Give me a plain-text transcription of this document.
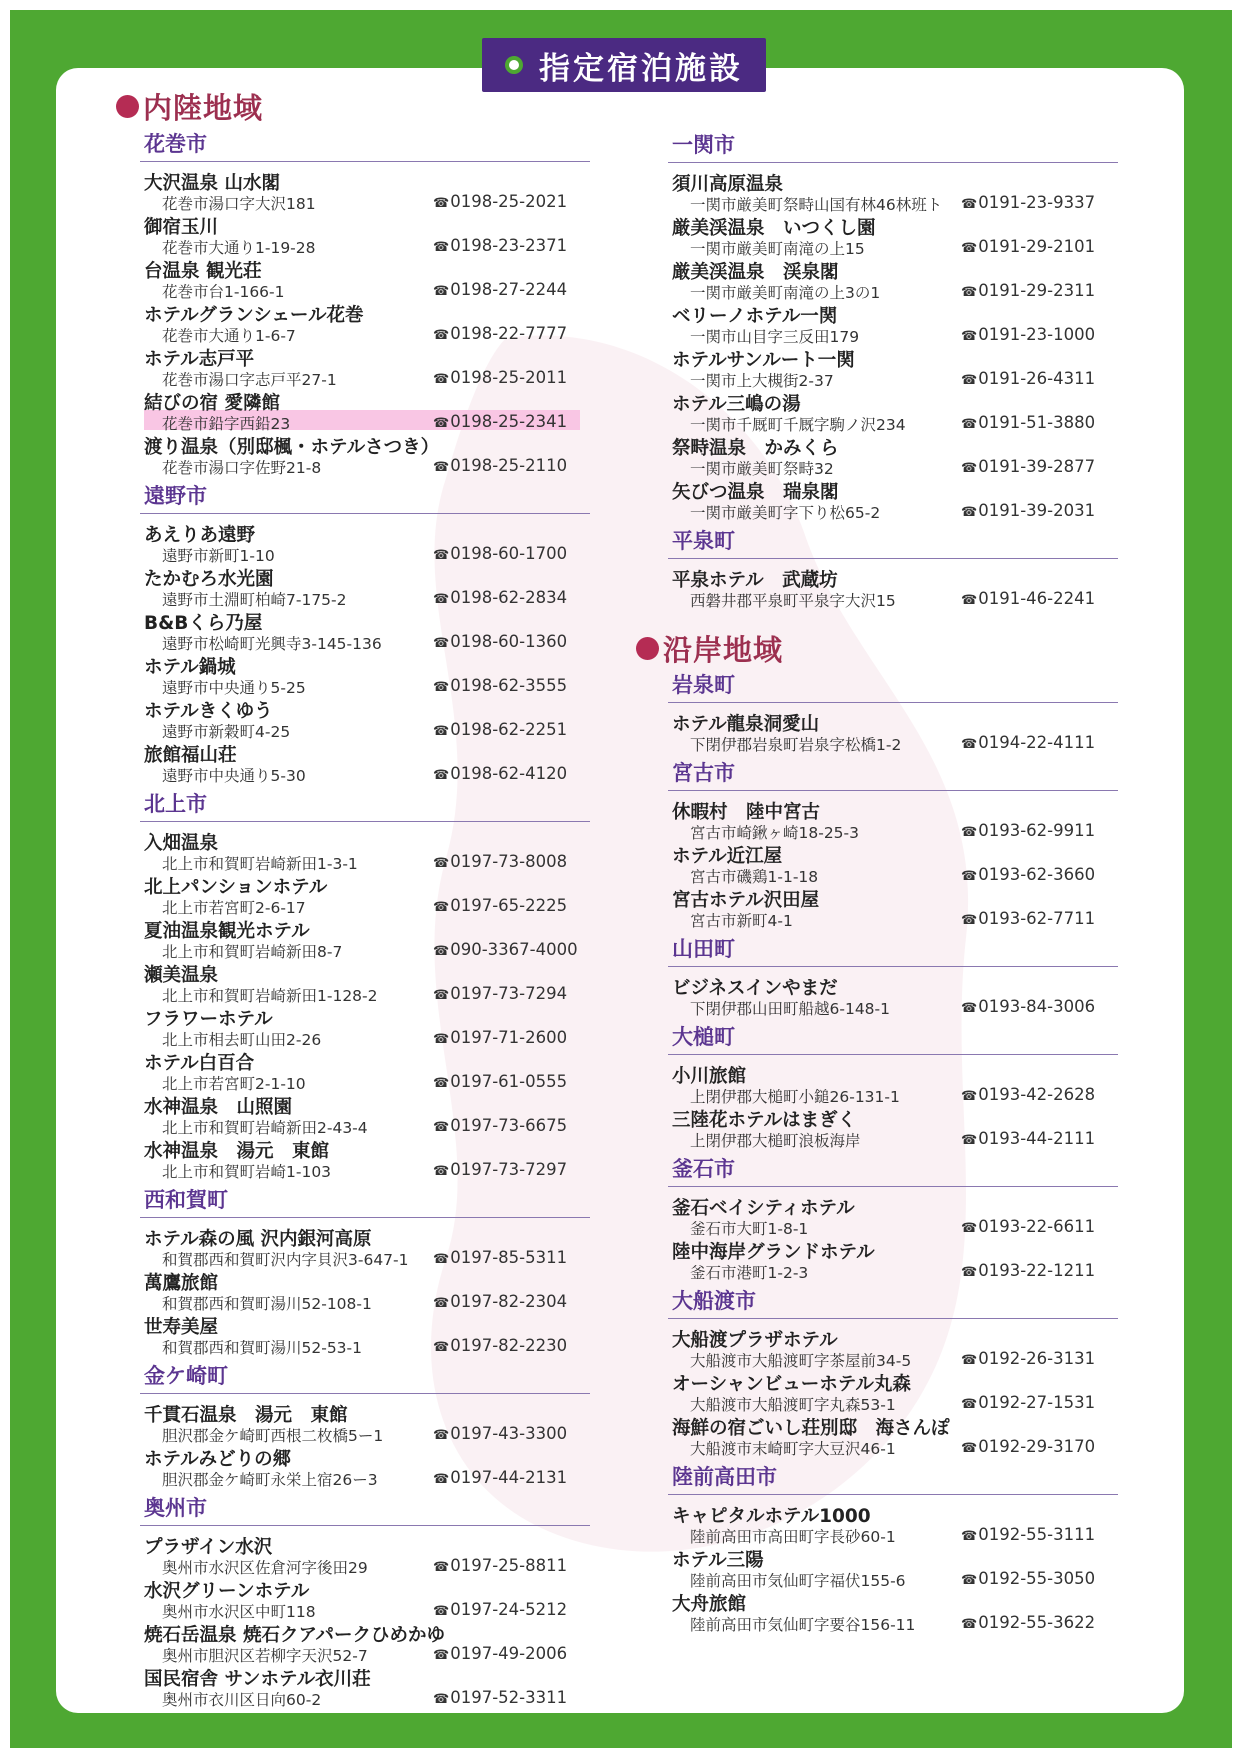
指定宿泊施設
内陸地域
沿岸地域
花巻市
大沢温泉 山水閣
花巻市湯口字大沢181	☎0198-25-2021
御宿玉川
花巻市大通り1-19-28	☎0198-23-2371
台温泉 観光荘
花巻市台1-166-1	☎0198-27-2244
ホテルグランシェール花巻
花巻市大通り1-6-7	☎0198-22-7777
ホテル志戸平
花巻市湯口字志戸平27-1	☎0198-25-2011
結びの宿 愛隣館
花巻市鉛字西鉛23	☎0198-25-2341
渡り温泉（別邸楓・ホテルさつき）
花巻市湯口字佐野21-8	☎0198-25-2110
遠野市
あえりあ遠野
遠野市新町1-10	☎0198-60-1700
たかむろ水光園
遠野市土淵町柏崎7-175-2	☎0198-62-2834
B&Bくら乃屋
遠野市松崎町光興寺3-145-136	☎0198-60-1360
ホテル鍋城
遠野市中央通り5-25	☎0198-62-3555
ホテルきくゆう
遠野市新穀町4-25	☎0198-62-2251
旅館福山荘
遠野市中央通り5-30	☎0198-62-4120
北上市
入畑温泉
北上市和賀町岩崎新田1-3-1	☎0197-73-8008
北上パンションホテル
北上市若宮町2-6-17	☎0197-65-2225
夏油温泉観光ホテル
北上市和賀町岩崎新田8-7	☎090-3367-4000
瀬美温泉
北上市和賀町岩崎新田1-128-2	☎0197-73-7294
フラワーホテル
北上市相去町山田2-26	☎0197-71-2600
ホテル白百合
北上市若宮町2-1-10	☎0197-61-0555
水神温泉　山照園
北上市和賀町岩崎新田2-43-4	☎0197-73-6675
水神温泉　湯元　東館
北上市和賀町岩崎1-103	☎0197-73-7297
西和賀町
ホテル森の風 沢内銀河高原
和賀郡西和賀町沢内字貝沢3-647-1 ☎0197-85-5311
萬鷹旅館
和賀郡西和賀町湯川52-108-1	☎0197-82-2304
世寿美屋
和賀郡西和賀町湯川52-53-1	☎0197-82-2230
金ケ崎町
千貫石温泉　湯元　東館
胆沢郡金ケ崎町西根二枚橋5ー1	☎0197-43-3300
ホテルみどりの郷
胆沢郡金ケ崎町永栄上宿26ー3	☎0197-44-2131
奥州市
プラザイン水沢
奥州市水沢区佐倉河字後田29	☎0197-25-8811
水沢グリーンホテル
奥州市水沢区中町118	☎0197-24-5212
焼石岳温泉 焼石クアパークひめかゆ
奥州市胆沢区若柳字天沢52-7	☎0197-49-2006
国民宿舎 サンホテル衣川荘
奥州市衣川区日向60-2	☎0197-52-3311
一関市
須川高原温泉
一関市厳美町祭畤山国有林46林班ト ☎0191-23-9337
厳美渓温泉　いつくし園
一関市厳美町南滝の上15	☎0191-29-2101
厳美渓温泉　渓泉閣
一関市厳美町南滝の上3の1	☎0191-29-2311
ベリーノホテル一関
一関市山目字三反田179	☎0191-23-1000
ホテルサンルート一関
一関市上大槻街2-37	☎0191-26-4311
ホテル三嶋の湯
一関市千厩町千厩字駒ノ沢234	☎0191-51-3880
祭畤温泉　かみくら
一関市厳美町祭畤32	☎0191-39-2877
矢びつ温泉　瑞泉閣
一関市厳美町字下り松65-2	☎0191-39-2031
平泉町
平泉ホテル　武蔵坊
西磐井郡平泉町平泉字大沢15	☎0191-46-2241
岩泉町
ホテル龍泉洞愛山
下閉伊郡岩泉町岩泉字松橋1-2	☎0194-22-4111
宮古市
休暇村　陸中宮古
宮古市崎鍬ヶ崎18-25-3	☎0193-62-9911
ホテル近江屋
宮古市磯鶏1-1-18	☎0193-62-3660
宮古ホテル沢田屋
宮古市新町4-1	☎0193-62-7711
山田町
ビジネスインやまだ
下閉伊郡山田町船越6-148-1	☎0193-84-3006
大槌町
小川旅館
上閉伊郡大槌町小鎚26-131-1	☎0193-42-2628
三陸花ホテルはまぎく
上閉伊郡大槌町浪板海岸	☎0193-44-2111
釜石市
釜石ベイシティホテル
釜石市大町1-8-1	☎0193-22-6611
陸中海岸グランドホテル
釜石市港町1-2-3	☎0193-22-1211
大船渡市
大船渡プラザホテル
大船渡市大船渡町字茶屋前34-5	☎0192-26-3131
オーシャンビューホテル丸森
大船渡市大船渡町字丸森53-1	☎0192-27-1531
海鮮の宿ごいし荘別邸　海さんぽ
大船渡市末崎町字大豆沢46-1	☎0192-29-3170
陸前高田市
キャピタルホテル1000
陸前高田市高田町字長砂60-1	☎0192-55-3111
ホテル三陽
陸前高田市気仙町字福伏155-6	☎0192-55-3050
大舟旅館
陸前高田市気仙町字要谷156-11	☎0192-55-3622
